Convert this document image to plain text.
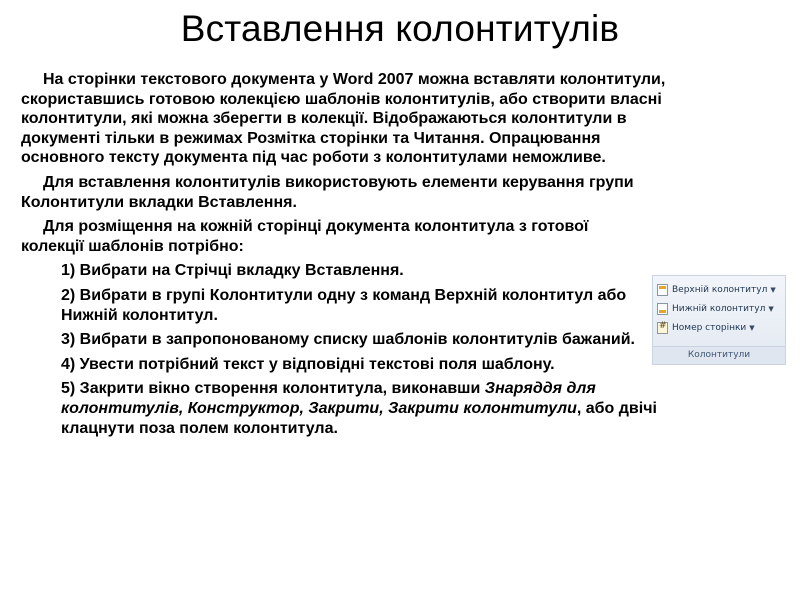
Вставлення колонтитулів

На сторінки текстового документа у Word 2007 можна вставляти колонтитули, скориставшись готовою колекцією шаблонів колонтитулів, або створити власні колонтитули, які можна зберегти в колекції. Відображаються колонтитули в документі тільки в режимах Розмітка сторінки та Читання. Опрацювання основного тексту документа під час роботи з колонтитулами неможливе.

Для вставлення колонтитулів використовують елементи керування групи Колонтитули вкладки Вставлення.

Для розміщення на кожній сторінці документа колонтитула з готової колекції шаблонів потрібно:

1) Вибрати на Стрічці вкладку Вставлення.

2) Вибрати в групі Колонтитули одну з команд Верхній колонтитул або Нижній колонтитул.

3) Вибрати в запропонованому списку шаблонів колонтитулів бажаний.

4) Увести потрібний текст у відповідні текстові поля шаблону.

5) Закрити вікно створення колонтитула, виконавши Знаряддя для колонтитулів, Конструктор, Закрити, Закрити колонтитули, або двічі клацнути поза полем колонтитула.

Верхній колонтитул ▼
Нижній колонтитул ▼
#
Номер сторінки ▼
Колонтитули
